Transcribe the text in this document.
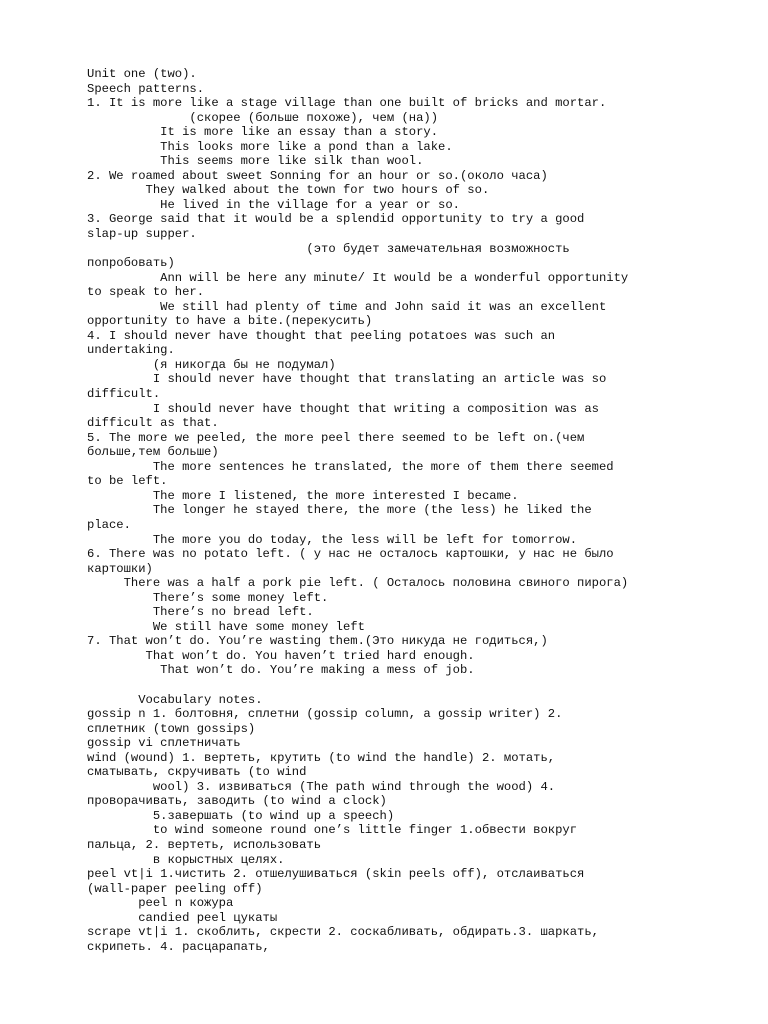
Unit one (two).
Speech patterns.
1. It is more like a stage village than one built of bricks and mortar.
(скорее (больше похоже), чем (на))
It is more like an essay than a story.
This looks more like a pond than a lake.
This seems more like silk than wool.
2. We roamed about sweet Sonning for an hour or so.(около часа)
They walked about the town for two hours of so.
He lived in the village for a year or so.
3. George said that it would be a splendid opportunity to try a good
slap-up supper.
(это будет замечательная возможность
попробовать)
Ann will be here any minute/ It would be a wonderful opportunity
to speak to her.
We still had plenty of time and John said it was an excellent
opportunity to have a bite.(перекусить)
4. I should never have thought that peeling potatoes was such an
undertaking.
(я никогда бы не подумал)
I should never have thought that translating an article was so
difficult.
I should never have thought that writing a composition was as
difficult as that.
5. The more we peeled, the more peel there seemed to be left on.(чем
больше,тем больше)
The more sentences he translated, the more of them there seemed
to be left.
The more I listened, the more interested I became.
The longer he stayed there, the more (the less) he liked the
place.
The more you do today, the less will be left for tomorrow.
6. There was no potato left. ( у нас не осталось картошки, у нас не было
картошки)
There was a half a pork pie left. ( Осталось половина свиного пирога)
There’s some money left.
There’s no bread left.
We still have some money left
7. That won’t do. You’re wasting them.(Это никуда не годиться,)
That won’t do. You haven’t tried hard enough.
That won’t do. You’re making a mess of job.
Vocabulary notes.
gossip n 1. болтовня, сплетни (gossip column, a gossip writer) 2.
сплетник (town gossips)
gossip vi сплетничать
wind (wound) 1. вертеть, крутить (to wind the handle) 2. мотать,
сматывать, скручивать (to wind
wool) 3. извиваться (The path wind through the wood) 4.
проворачивать, заводить (to wind a clock)
5.завершать (to wind up a speech)
to wind someone round one’s little finger 1.обвести вокруг
пальца, 2. вертеть, использовать
в корыстных целях.
peel vt|i 1.чистить 2. отшелушиваться (skin peels off), отслаиваться
(wall-paper peeling off)
peel n кожура
candied peel цукаты
scrape vt|i 1. скоблить, скрести 2. соскабливать, обдирать.3. шаркать,
скрипеть. 4. расцарапать,
